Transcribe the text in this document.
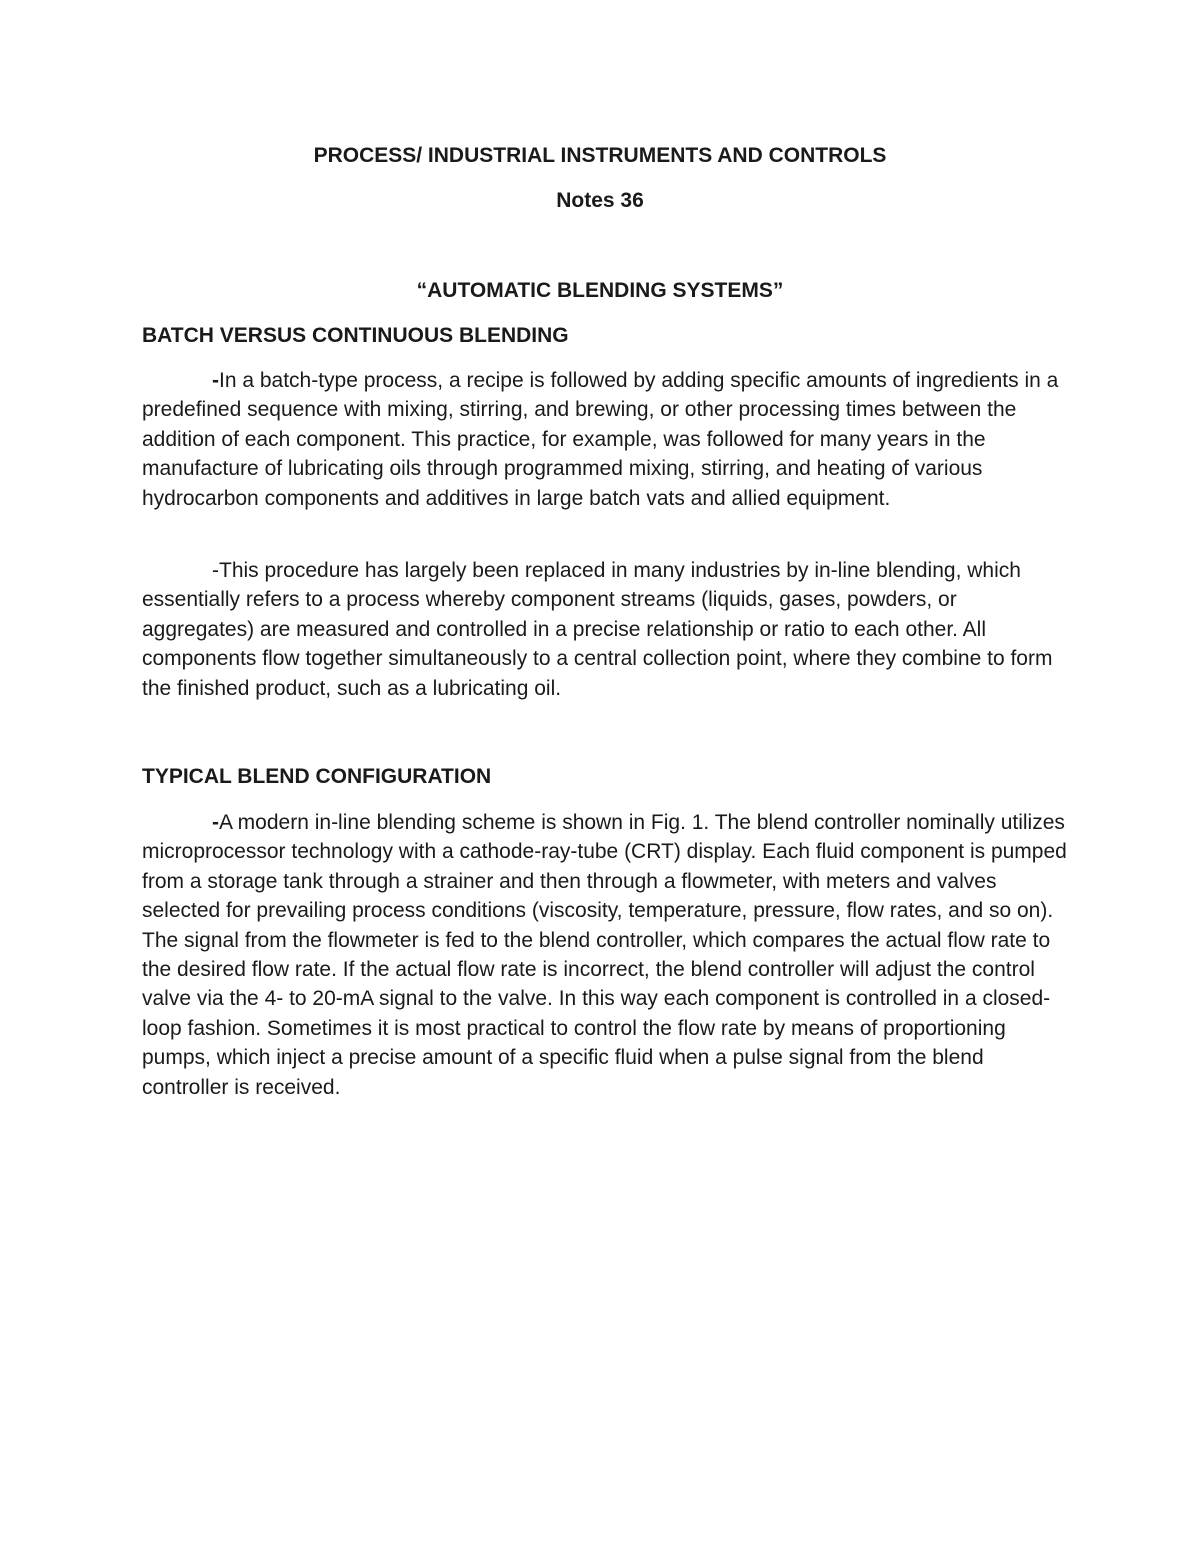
PROCESS/ INDUSTRIAL INSTRUMENTS AND CONTROLS
Notes 36
“AUTOMATIC BLENDING SYSTEMS”
BATCH VERSUS CONTINUOUS BLENDING

-In a batch-type process, a recipe is followed by adding specific amounts of ingredients in a predefined sequence with mixing, stirring, and brewing, or other processing times between the addition of each component. This practice, for example, was followed for many years in the manufacture of lubricating oils through programmed mixing, stirring, and heating of various hydrocarbon components and additives in large batch vats and allied equipment.

-This procedure has largely been replaced in many industries by in-line blending, which essentially refers to a process whereby component streams (liquids, gases, powders, or aggregates) are measured and controlled in a precise relationship or ratio to each other. All components flow together simultaneously to a central collection point, where they combine to form the finished product, such as a lubricating oil.

TYPICAL BLEND CONFIGURATION

-A modern in-line blending scheme is shown in Fig. 1. The blend controller nominally utilizes microprocessor technology with a cathode-ray-tube (CRT) display. Each fluid component is pumped from a storage tank through a strainer and then through a flowmeter, with meters and valves selected for prevailing process conditions (viscosity, temperature, pressure, flow rates, and so on). The signal from the flowmeter is fed to the blend controller, which compares the actual flow rate to the desired flow rate. If the actual flow rate is incorrect, the blend controller will adjust the control valve via the 4- to 20-mA signal to the valve. In this way each component is controlled in a closed-loop fashion. Sometimes it is most practical to control the flow rate by means of proportioning pumps, which inject a precise amount of a specific fluid when a pulse signal from the blend controller is received.
